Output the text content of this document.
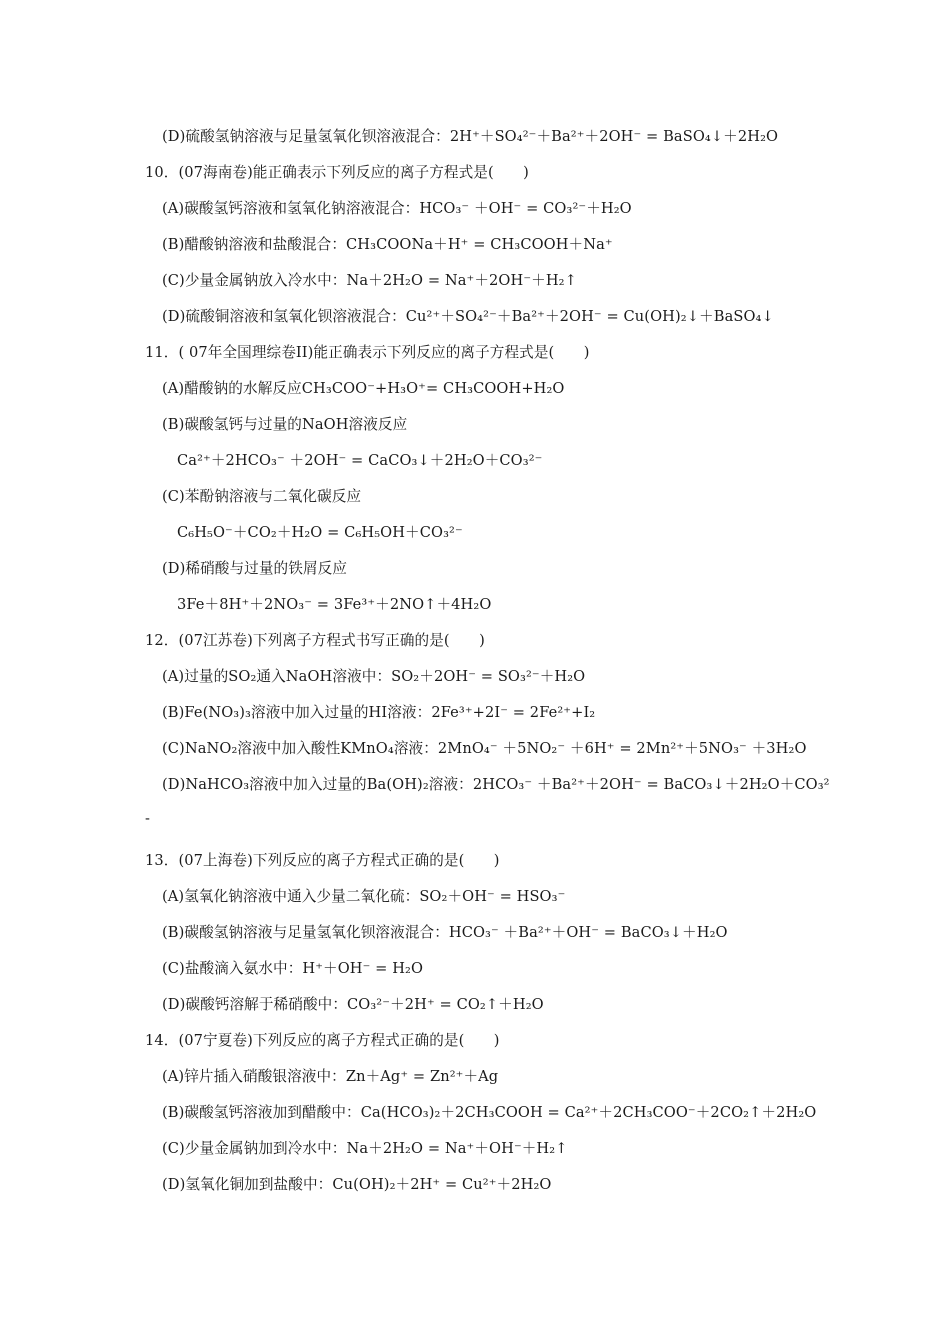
(D)硫酸氢钠溶液与足量氢氧化钡溶液混合：2H⁺＋SO₄²⁻＋Ba²⁺＋2OH⁻ = BaSO₄↓＋2H₂O
10．(07海南卷)能正确表示下列反应的离子方程式是(　　)
(A)碳酸氢钙溶液和氢氧化钠溶液混合：HCO₃⁻ ＋OH⁻ = CO₃²⁻＋H₂O
(B)醋酸钠溶液和盐酸混合：CH₃COONa＋H⁺ = CH₃COOH＋Na⁺
(C)少量金属钠放入冷水中：Na＋2H₂O = Na⁺＋2OH⁻＋H₂↑
(D)硫酸铜溶液和氢氧化钡溶液混合：Cu²⁺＋SO₄²⁻＋Ba²⁺＋2OH⁻ = Cu(OH)₂↓＋BaSO₄↓
11．( 07年全国理综卷II)能正确表示下列反应的离子方程式是(　　)
(A)醋酸钠的水解反应CH₃COO⁻+H₃O⁺= CH₃COOH+H₂O
(B)碳酸氢钙与过量的NaOH溶液反应
Ca²⁺＋2HCO₃⁻ ＋2OH⁻ = CaCO₃↓＋2H₂O＋CO₃²⁻
(C)苯酚钠溶液与二氧化碳反应
C₆H₅O⁻＋CO₂＋H₂O = C₆H₅OH＋CO₃²⁻
(D)稀硝酸与过量的铁屑反应
3Fe＋8H⁺＋2NO₃⁻ = 3Fe³⁺＋2NO↑＋4H₂O
12．(07江苏卷)下列离子方程式书写正确的是(　　)
(A)过量的SO₂通入NaOH溶液中：SO₂＋2OH⁻ = SO₃²⁻＋H₂O
(B)Fe(NO₃)₃溶液中加入过量的HI溶液：2Fe³⁺+2I⁻ = 2Fe²⁺+I₂
(C)NaNO₂溶液中加入酸性KMnO₄溶液：2MnO₄⁻ ＋5NO₂⁻ ＋6H⁺ = 2Mn²⁺＋5NO₃⁻ ＋3H₂O
(D)NaHCO₃溶液中加入过量的Ba(OH)₂溶液：2HCO₃⁻ ＋Ba²⁺＋2OH⁻ = BaCO₃↓＋2H₂O＋CO₃²
-
13．(07上海卷)下列反应的离子方程式正确的是(　　)
(A)氢氧化钠溶液中通入少量二氧化硫：SO₂＋OH⁻ = HSO₃⁻
(B)碳酸氢钠溶液与足量氢氧化钡溶液混合：HCO₃⁻ ＋Ba²⁺＋OH⁻ = BaCO₃↓＋H₂O
(C)盐酸滴入氨水中：H⁺＋OH⁻ = H₂O
(D)碳酸钙溶解于稀硝酸中：CO₃²⁻＋2H⁺ = CO₂↑＋H₂O
14．(07宁夏卷)下列反应的离子方程式正确的是(　　)
(A)锌片插入硝酸银溶液中：Zn＋Ag⁺ = Zn²⁺＋Ag
(B)碳酸氢钙溶液加到醋酸中：Ca(HCO₃)₂＋2CH₃COOH = Ca²⁺＋2CH₃COO⁻＋2CO₂↑＋2H₂O
(C)少量金属钠加到冷水中：Na＋2H₂O = Na⁺＋OH⁻＋H₂↑
(D)氢氧化铜加到盐酸中：Cu(OH)₂＋2H⁺ = Cu²⁺＋2H₂O
